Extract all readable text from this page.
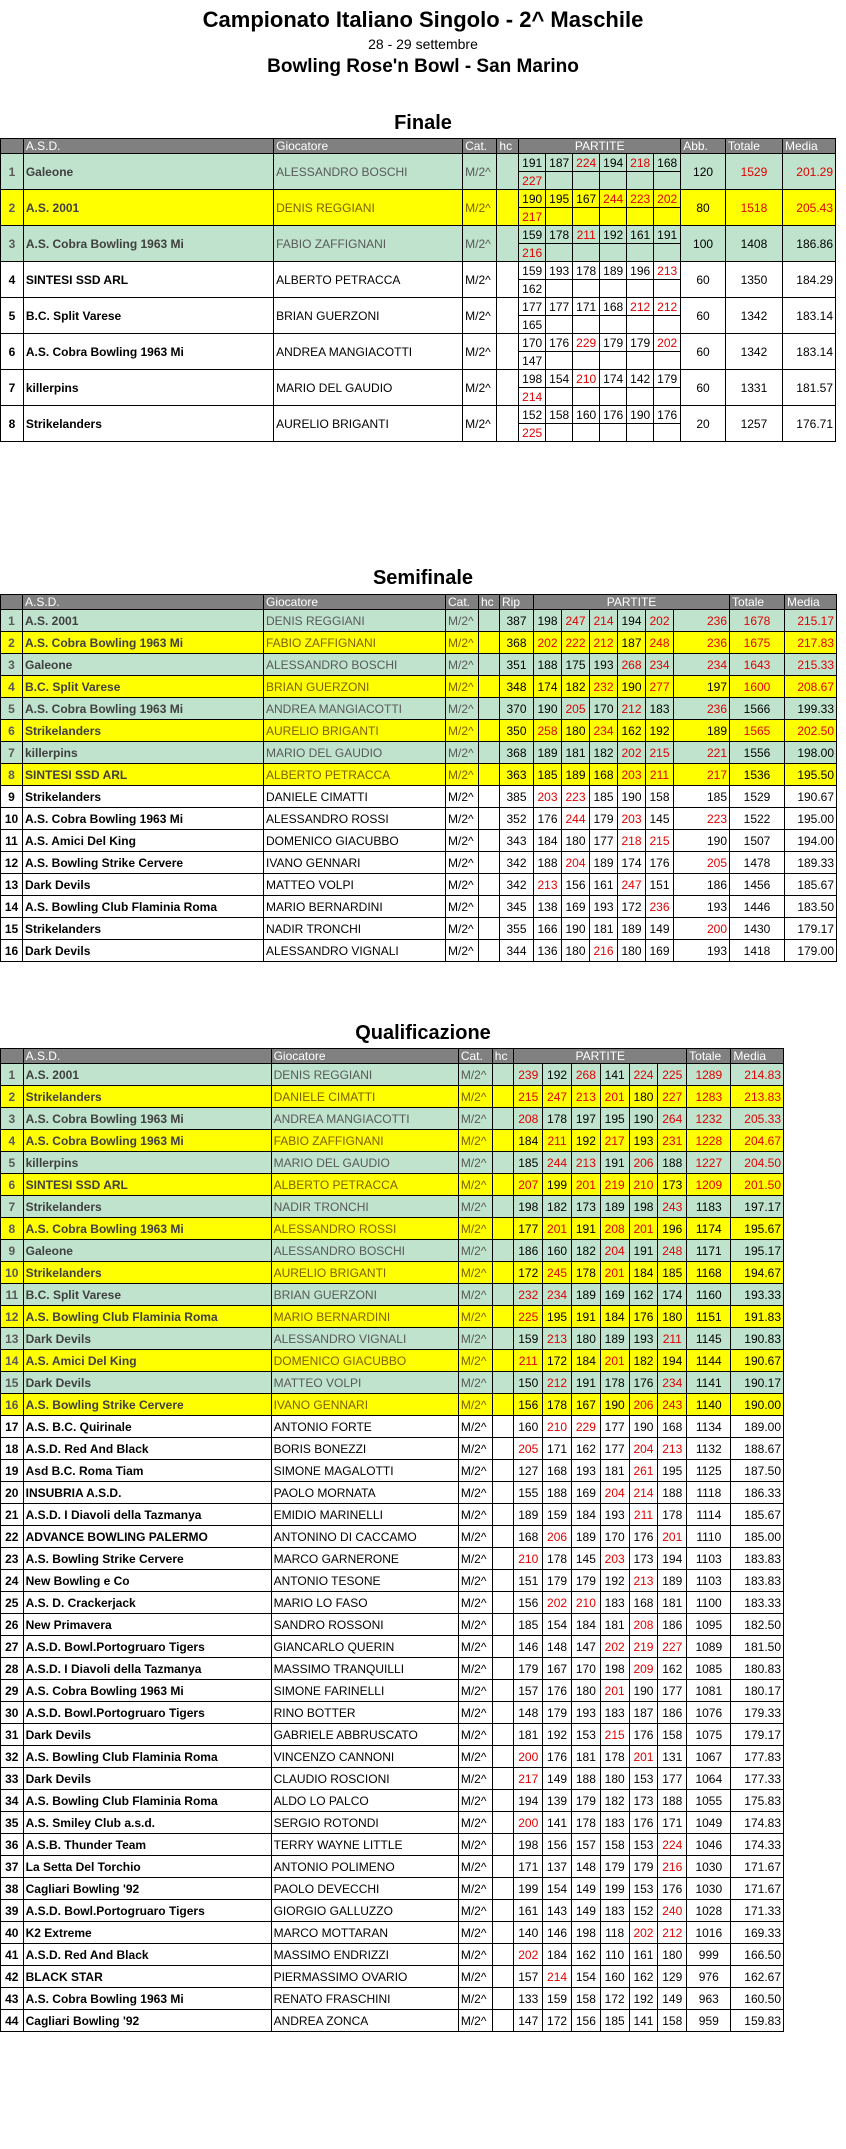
Campionato Italiano Singolo - 2^ Maschile
28 - 29 settembre
Bowling Rose'n Bowl - San Marino
Finale
	A.S.D.	Giocatore	Cat.	hc	PARTITE						Abb.	Totale	Media
1	Galeone	ALESSANDRO BOSCHI	M/2^		191	187	224	194	218	168	120	1529	201.29
					227								
2	A.S. 2001	DENIS REGGIANI	M/2^		190	195	167	244	223	202	80	1518	205.43
					217								
3	A.S. Cobra Bowling 1963 Mi	FABIO ZAFFIGNANI	M/2^		159	178	211	192	161	191	100	1408	186.86
					216								
4	SINTESI SSD ARL	ALBERTO PETRACCA	M/2^		159	193	178	189	196	213	60	1350	184.29
					162								
5	B.C. Split Varese	BRIAN GUERZONI	M/2^		177	177	171	168	212	212	60	1342	183.14
					165								
6	A.S. Cobra Bowling 1963 Mi	ANDREA MANGIACOTTI	M/2^		170	176	229	179	179	202	60	1342	183.14
					147								
7	killerpins	MARIO DEL GAUDIO	M/2^		198	154	210	174	142	179	60	1331	181.57
					214								
8	Strikelanders	AURELIO BRIGANTI	M/2^		152	158	160	176	190	176	20	1257	176.71
					225								
Semifinale
	A.S.D.	Giocatore	Cat.	hc	Rip	PARTITE						Totale	Media
1	A.S. 2001	DENIS REGGIANI	M/2^		387	198	247	214	194	202	236	1678	215.17
2	A.S. Cobra Bowling 1963 Mi	FABIO ZAFFIGNANI	M/2^		368	202	222	212	187	248	236	1675	217.83
3	Galeone	ALESSANDRO BOSCHI	M/2^		351	188	175	193	268	234	234	1643	215.33
4	B.C. Split Varese	BRIAN GUERZONI	M/2^		348	174	182	232	190	277	197	1600	208.67
5	A.S. Cobra Bowling 1963 Mi	ANDREA MANGIACOTTI	M/2^		370	190	205	170	212	183	236	1566	199.33
6	Strikelanders	AURELIO BRIGANTI	M/2^		350	258	180	234	162	192	189	1565	202.50
7	killerpins	MARIO DEL GAUDIO	M/2^		368	189	181	182	202	215	221	1556	198.00
8	SINTESI SSD ARL	ALBERTO PETRACCA	M/2^		363	185	189	168	203	211	217	1536	195.50
9	Strikelanders	DANIELE CIMATTI	M/2^		385	203	223	185	190	158	185	1529	190.67
10	A.S. Cobra Bowling 1963 Mi	ALESSANDRO ROSSI	M/2^		352	176	244	179	203	145	223	1522	195.00
11	A.S. Amici Del King	DOMENICO GIACUBBO	M/2^		343	184	180	177	218	215	190	1507	194.00
12	A.S. Bowling Strike Cervere	IVANO GENNARI	M/2^		342	188	204	189	174	176	205	1478	189.33
13	Dark Devils	MATTEO VOLPI	M/2^		342	213	156	161	247	151	186	1456	185.67
14	A.S. Bowling Club Flaminia Roma	MARIO BERNARDINI	M/2^		345	138	169	193	172	236	193	1446	183.50
15	Strikelanders	NADIR TRONCHI	M/2^		355	166	190	181	189	149	200	1430	179.17
16	Dark Devils	ALESSANDRO VIGNALI	M/2^		344	136	180	216	180	169	193	1418	179.00
Qualificazione
	A.S.D.	Giocatore	Cat.	hc	PARTITE						Totale	Media
1	A.S. 2001	DENIS REGGIANI	M/2^		239	192	268	141	224	225	1289	214.83
2	Strikelanders	DANIELE CIMATTI	M/2^		215	247	213	201	180	227	1283	213.83
3	A.S. Cobra Bowling 1963 Mi	ANDREA MANGIACOTTI	M/2^		208	178	197	195	190	264	1232	205.33
4	A.S. Cobra Bowling 1963 Mi	FABIO ZAFFIGNANI	M/2^		184	211	192	217	193	231	1228	204.67
5	killerpins	MARIO DEL GAUDIO	M/2^		185	244	213	191	206	188	1227	204.50
6	SINTESI SSD ARL	ALBERTO PETRACCA	M/2^		207	199	201	219	210	173	1209	201.50
7	Strikelanders	NADIR TRONCHI	M/2^		198	182	173	189	198	243	1183	197.17
8	A.S. Cobra Bowling 1963 Mi	ALESSANDRO ROSSI	M/2^		177	201	191	208	201	196	1174	195.67
9	Galeone	ALESSANDRO BOSCHI	M/2^		186	160	182	204	191	248	1171	195.17
10	Strikelanders	AURELIO BRIGANTI	M/2^		172	245	178	201	184	185	1168	194.67
11	B.C. Split Varese	BRIAN GUERZONI	M/2^		232	234	189	169	162	174	1160	193.33
12	A.S. Bowling Club Flaminia Roma	MARIO BERNARDINI	M/2^		225	195	191	184	176	180	1151	191.83
13	Dark Devils	ALESSANDRO VIGNALI	M/2^		159	213	180	189	193	211	1145	190.83
14	A.S. Amici Del King	DOMENICO GIACUBBO	M/2^		211	172	184	201	182	194	1144	190.67
15	Dark Devils	MATTEO VOLPI	M/2^		150	212	191	178	176	234	1141	190.17
16	A.S. Bowling Strike Cervere	IVANO GENNARI	M/2^		156	178	167	190	206	243	1140	190.00
17	A.S. B.C. Quirinale	ANTONIO FORTE	M/2^		160	210	229	177	190	168	1134	189.00
18	A.S.D. Red And Black	BORIS BONEZZI	M/2^		205	171	162	177	204	213	1132	188.67
19	Asd B.C. Roma Tiam	SIMONE MAGALOTTI	M/2^		127	168	193	181	261	195	1125	187.50
20	INSUBRIA A.S.D.	PAOLO MORNATA	M/2^		155	188	169	204	214	188	1118	186.33
21	A.S.D. I Diavoli della Tazmanya	EMIDIO MARINELLI	M/2^		189	159	184	193	211	178	1114	185.67
22	ADVANCE BOWLING PALERMO	ANTONINO DI CACCAMO	M/2^		168	206	189	170	176	201	1110	185.00
23	A.S. Bowling Strike Cervere	MARCO GARNERONE	M/2^		210	178	145	203	173	194	1103	183.83
24	New Bowling e Co	ANTONIO TESONE	M/2^		151	179	179	192	213	189	1103	183.83
25	A.S. D. Crackerjack	MARIO LO FASO	M/2^		156	202	210	183	168	181	1100	183.33
26	New Primavera	SANDRO ROSSONI	M/2^		185	154	184	181	208	186	1095	182.50
27	A.S.D. Bowl.Portogruaro Tigers	GIANCARLO QUERIN	M/2^		146	148	147	202	219	227	1089	181.50
28	A.S.D. I Diavoli della Tazmanya	MASSIMO TRANQUILLI	M/2^		179	167	170	198	209	162	1085	180.83
29	A.S. Cobra Bowling 1963 Mi	SIMONE FARINELLI	M/2^		157	176	180	201	190	177	1081	180.17
30	A.S.D. Bowl.Portogruaro Tigers	RINO BOTTER	M/2^		148	179	193	183	187	186	1076	179.33
31	Dark Devils	GABRIELE ABBRUSCATO	M/2^		181	192	153	215	176	158	1075	179.17
32	A.S. Bowling Club Flaminia Roma	VINCENZO CANNONI	M/2^		200	176	181	178	201	131	1067	177.83
33	Dark Devils	CLAUDIO ROSCIONI	M/2^		217	149	188	180	153	177	1064	177.33
34	A.S. Bowling Club Flaminia Roma	ALDO LO PALCO	M/2^		194	139	179	182	173	188	1055	175.83
35	A.S. Smiley Club a.s.d.	SERGIO ROTONDI	M/2^		200	141	178	183	176	171	1049	174.83
36	A.S.B. Thunder Team	TERRY WAYNE LITTLE	M/2^		198	156	157	158	153	224	1046	174.33
37	La Setta Del Torchio	ANTONIO POLIMENO	M/2^		171	137	148	179	179	216	1030	171.67
38	Cagliari Bowling '92	PAOLO DEVECCHI	M/2^		199	154	149	199	153	176	1030	171.67
39	A.S.D. Bowl.Portogruaro Tigers	GIORGIO GALLUZZO	M/2^		161	143	149	183	152	240	1028	171.33
40	K2 Extreme	MARCO MOTTARAN	M/2^		140	146	198	118	202	212	1016	169.33
41	A.S.D. Red And Black	MASSIMO ENDRIZZI	M/2^		202	184	162	110	161	180	999	166.50
42	BLACK STAR	PIERMASSIMO OVARIO	M/2^		157	214	154	160	162	129	976	162.67
43	A.S. Cobra Bowling 1963 Mi	RENATO FRASCHINI	M/2^		133	159	158	172	192	149	963	160.50
44	Cagliari Bowling '92	ANDREA ZONCA	M/2^		147	172	156	185	141	158	959	159.83
